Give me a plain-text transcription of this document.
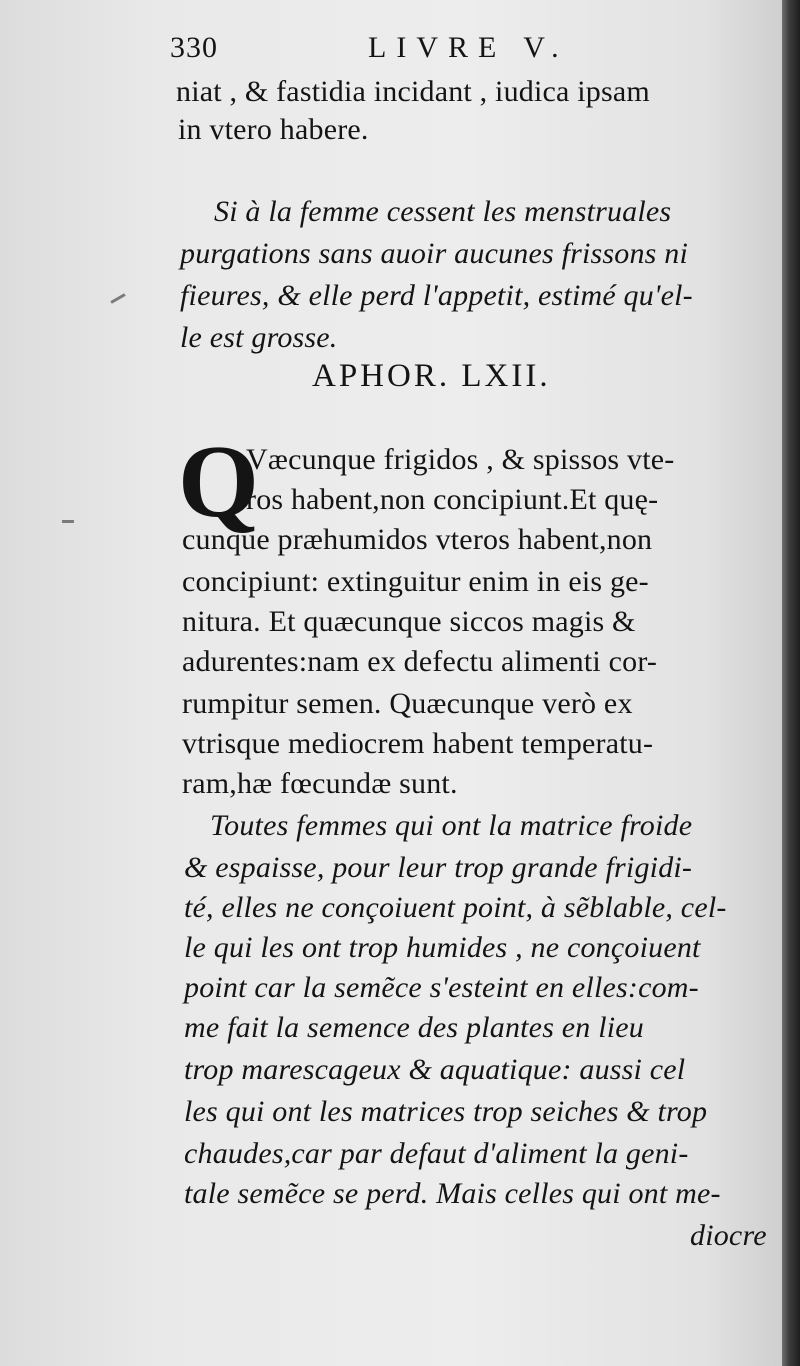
330	LIVRE V.
niat , & fastidia incidant , iudica ipsam
in vtero habere.
Si à la femme cessent les menstruales
purgations sans auoir aucunes frissons ni
fieures, & elle perd l'appetit, estimé qu'el-
le est grosse.
APHOR. LXII.
Q
Væcunque frigidos , & spissos vte-
ros habent,non concipiunt.Et quę-
cunque præhumidos vteros habent,non
concipiunt: extinguitur enim in eis ge-
nitura. Et quæcunque siccos magis &
adurentes:nam ex defectu alimenti cor-
rumpitur semen. Quæcunque verò ex
vtrisque mediocrem habent temperatu-
ram,hæ fœcundæ sunt.
Toutes femmes qui ont la matrice froide
& espaisse, pour leur trop grande frigidi-
té, elles ne conçoiuent point, à sẽblable, cel-
le qui les ont trop humides , ne conçoiuent
point car la semẽce s'esteint en elles:com-
me fait la semence des plantes en lieu
trop marescageux & aquatique: aussi cel
les qui ont les matrices trop seiches & trop
chaudes,car par defaut d'aliment la geni-
tale semẽce se perd. Mais celles qui ont me-
diocre
